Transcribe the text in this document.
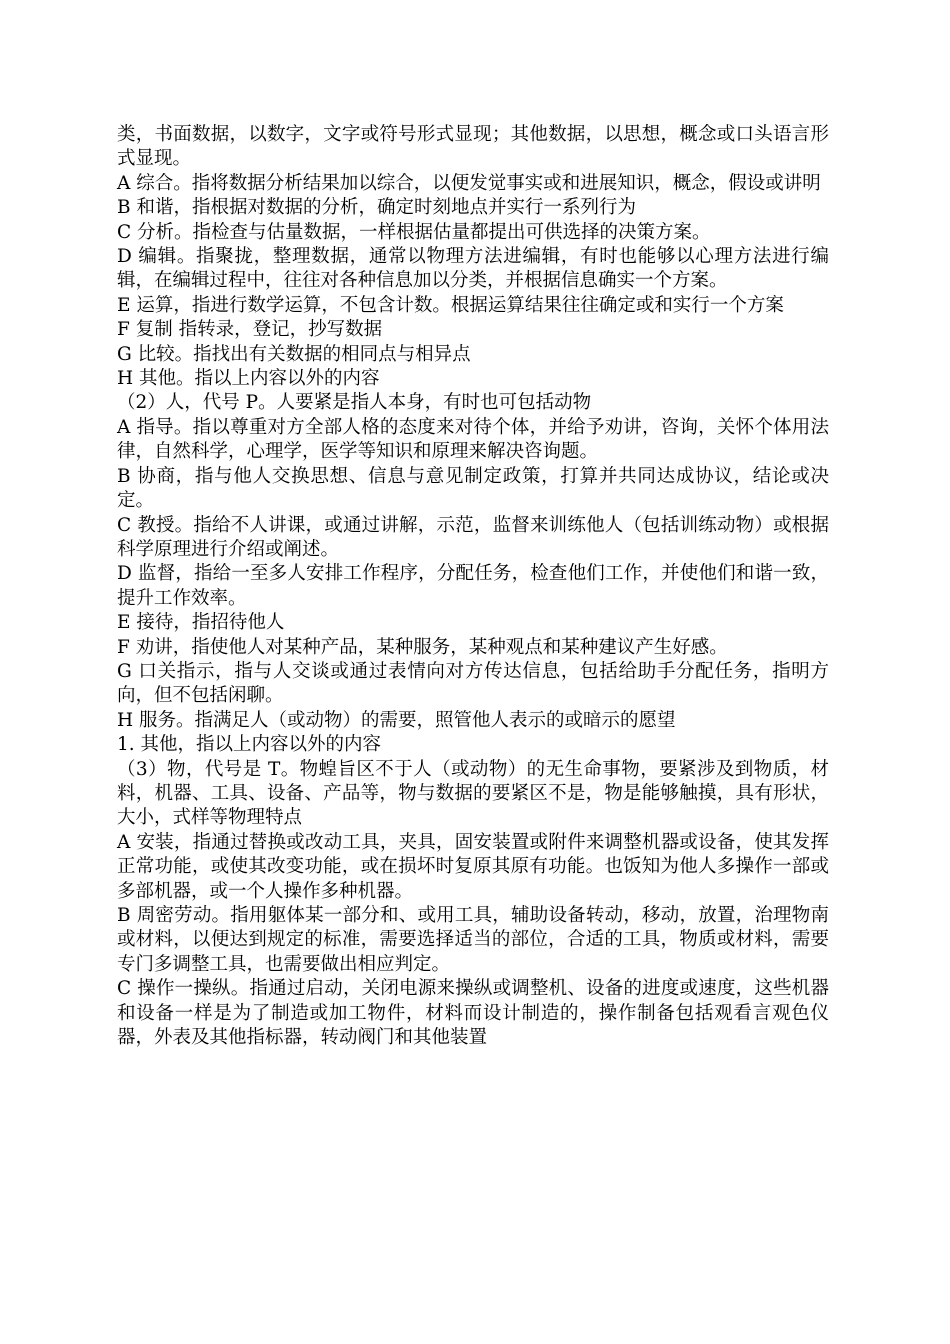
类，书面数据，以数字，文字或符号形式显现；其他数据，以思想，概念或口头语言形式显现。

A 综合。指将数据分析结果加以综合，以便发觉事实或和进展知识，概念，假设或讲明

B 和谐，指根据对数据的分析，确定时刻地点并实行一系列行为

C 分析。指检查与估量数据，一样根据估量都提出可供选择的决策方案。

D 编辑。指聚拢，整理数据，通常以物理方法进编辑，有时也能够以心理方法进行编辑，在编辑过程中，往往对各种信息加以分类，并根据信息确实一个方案。

E 运算，指进行数学运算，不包含计数。根据运算结果往往确定或和实行一个方案

F 复制 指转录，登记，抄写数据

G 比较。指找出有关数据的相同点与相异点

H 其他。指以上内容以外的内容

（2）人，代号 P。人要紧是指人本身，有时也可包括动物

A 指导。指以尊重对方全部人格的态度来对待个体，并给予劝讲，咨询，关怀个体用法律，自然科学，心理学，医学等知识和原理来解决咨询题。

B 协商，指与他人交换思想、信息与意见制定政策，打算并共同达成协议，结论或决定。

C 教授。指给不人讲课，或通过讲解，示范，监督来训练他人（包括训练动物）或根据科学原理进行介绍或阐述。

D 监督，指给一至多人安排工作程序，分配任务，检查他们工作，并使他们和谐一致，提升工作效率。

E 接待，指招待他人

F 劝讲，指使他人对某种产品，某种服务，某种观点和某种建议产生好感。

G 口关指示，指与人交谈或通过表情向对方传达信息，包括给助手分配任务，指明方向，但不包括闲聊。

H 服务。指满足人（或动物）的需要，照管他人表示的或暗示的愿望

1. 其他，指以上内容以外的内容

（3）物，代号是 T。物蝗旨区不于人（或动物）的无生命事物，要紧涉及到物质，材料，机器、工具、设备、产品等，物与数据的要紧区不是，物是能够触摸，具有形状，大小，式样等物理特点

A 安装，指通过替换或改动工具，夹具，固安装置或附件来调整机器或设备，使其发挥正常功能，或使其改变功能，或在损坏时复原其原有功能。也饭知为他人多操作一部或多部机器，或一个人操作多种机器。

B 周密劳动。指用躯体某一部分和、或用工具，辅助设备转动，移动，放置，治理物南或材料，以便达到规定的标准，需要选择适当的部位，合适的工具，物质或材料，需要专门多调整工具，也需要做出相应判定。

C 操作一操纵。指通过启动，关闭电源来操纵或调整机、设备的进度或速度，这些机器和设备一样是为了制造或加工物件，材料而设计制造的，操作制备包括观看言观色仪器，外表及其他指标器，转动阀门和其他装置
